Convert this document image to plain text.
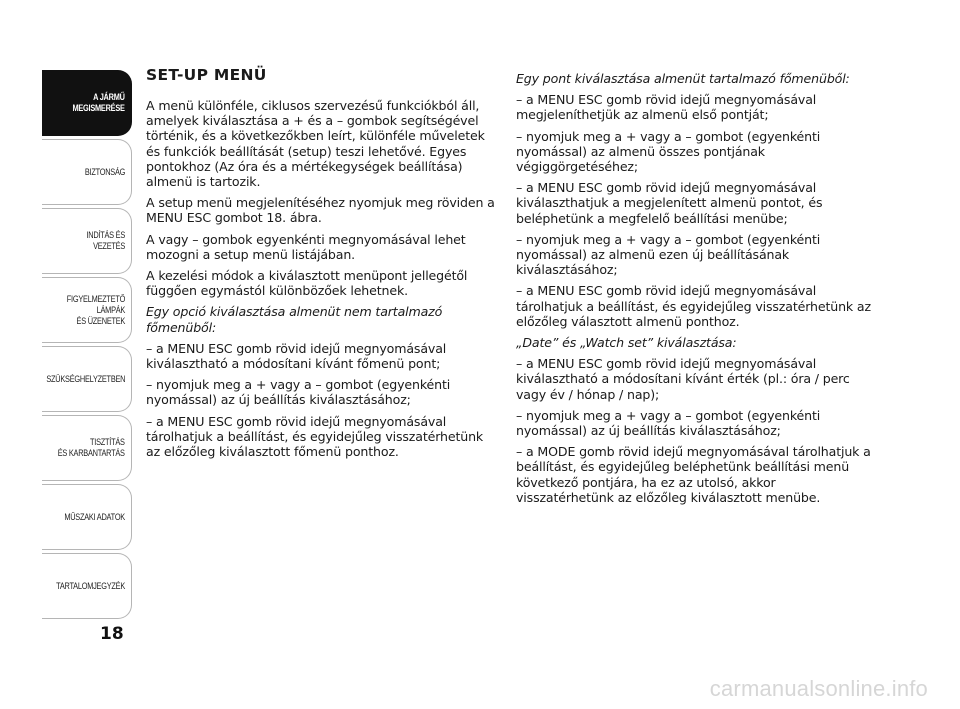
A JÁRMŰ
MEGISMERÉSE
BIZTONSÁG
INDÍTÁS ÉS VEZETÉS
FIGYELMEZTETŐ
LÁMPÁK
ÉS ÜZENETEK
SZÜKSÉGHELYZETBEN
TISZTÍTÁS
ÉS KARBANTARTÁS
MŰSZAKI ADATOK
TARTALOMJEGYZÉK
18
SET-UP MENÜ

A menü különféle, ciklusos szervezésű funkciókból áll, amelyek kiválasztása a + és a – gombok segítségével történik, és a következőkben leírt, különféle műveletek és funkciók beállítását (setup) teszi lehetővé. Egyes pontokhoz (Az óra és a mértékegységek beállítása) almenü is tartozik.

A setup menü megjelenítéséhez nyomjuk meg röviden a MENU ESC gombot 18. ábra.

A vagy – gombok egyenkénti megnyomásával lehet mozogni a setup menü listájában.

A kezelési módok a kiválasztott menüpont jellegétől függően egymástól különbözőek lehetnek.

Egy opció kiválasztása almenüt nem tartalmazó főmenüből:

– a MENU ESC gomb rövid idejű megnyomásával kiválasztható a módosítani kívánt főmenü pont;

– nyomjuk meg a + vagy a – gombot (egyenkénti nyomással) az új beállítás kiválasztásához;

– a MENU ESC gomb rövid idejű megnyomásával tárolhatjuk a beállítást, és egyidejűleg visszatérhetünk az előzőleg kiválasztott főmenü ponthoz.

Egy pont kiválasztása almenüt tartalmazó főmenüből:

– a MENU ESC gomb rövid idejű megnyomásával megjeleníthetjük az almenü első pontját;

– nyomjuk meg a + vagy a – gombot (egyenkénti nyomással) az almenü összes pontjának végiggörgetéséhez;

– a MENU ESC gomb rövid idejű megnyomásával kiválaszthatjuk a megjelenített almenü pontot, és beléphetünk a megfelelő beállítási menübe;

– nyomjuk meg a + vagy a – gombot (egyenkénti nyomással) az almenü ezen új beállításának kiválasztásához;

– a MENU ESC gomb rövid idejű megnyomásával tárolhatjuk a beállítást, és egyidejűleg visszatérhetünk az előzőleg választott almenü ponthoz.

„Date” és „Watch set” kiválasztása:

– a MENU ESC gomb rövid idejű megnyomásával kiválasztható a módosítani kívánt érték (pl.: óra / perc vagy év / hónap / nap);

– nyomjuk meg a + vagy a – gombot (egyenkénti nyomással) az új beállítás kiválasztásához;

– a MODE gomb rövid idejű megnyomásával tárolhatjuk a beállítást, és egyidejűleg beléphetünk beállítási menü következő pontjára, ha ez az utolsó, akkor visszatérhetünk az előzőleg kiválasztott menübe.

carmanualsonline.info
